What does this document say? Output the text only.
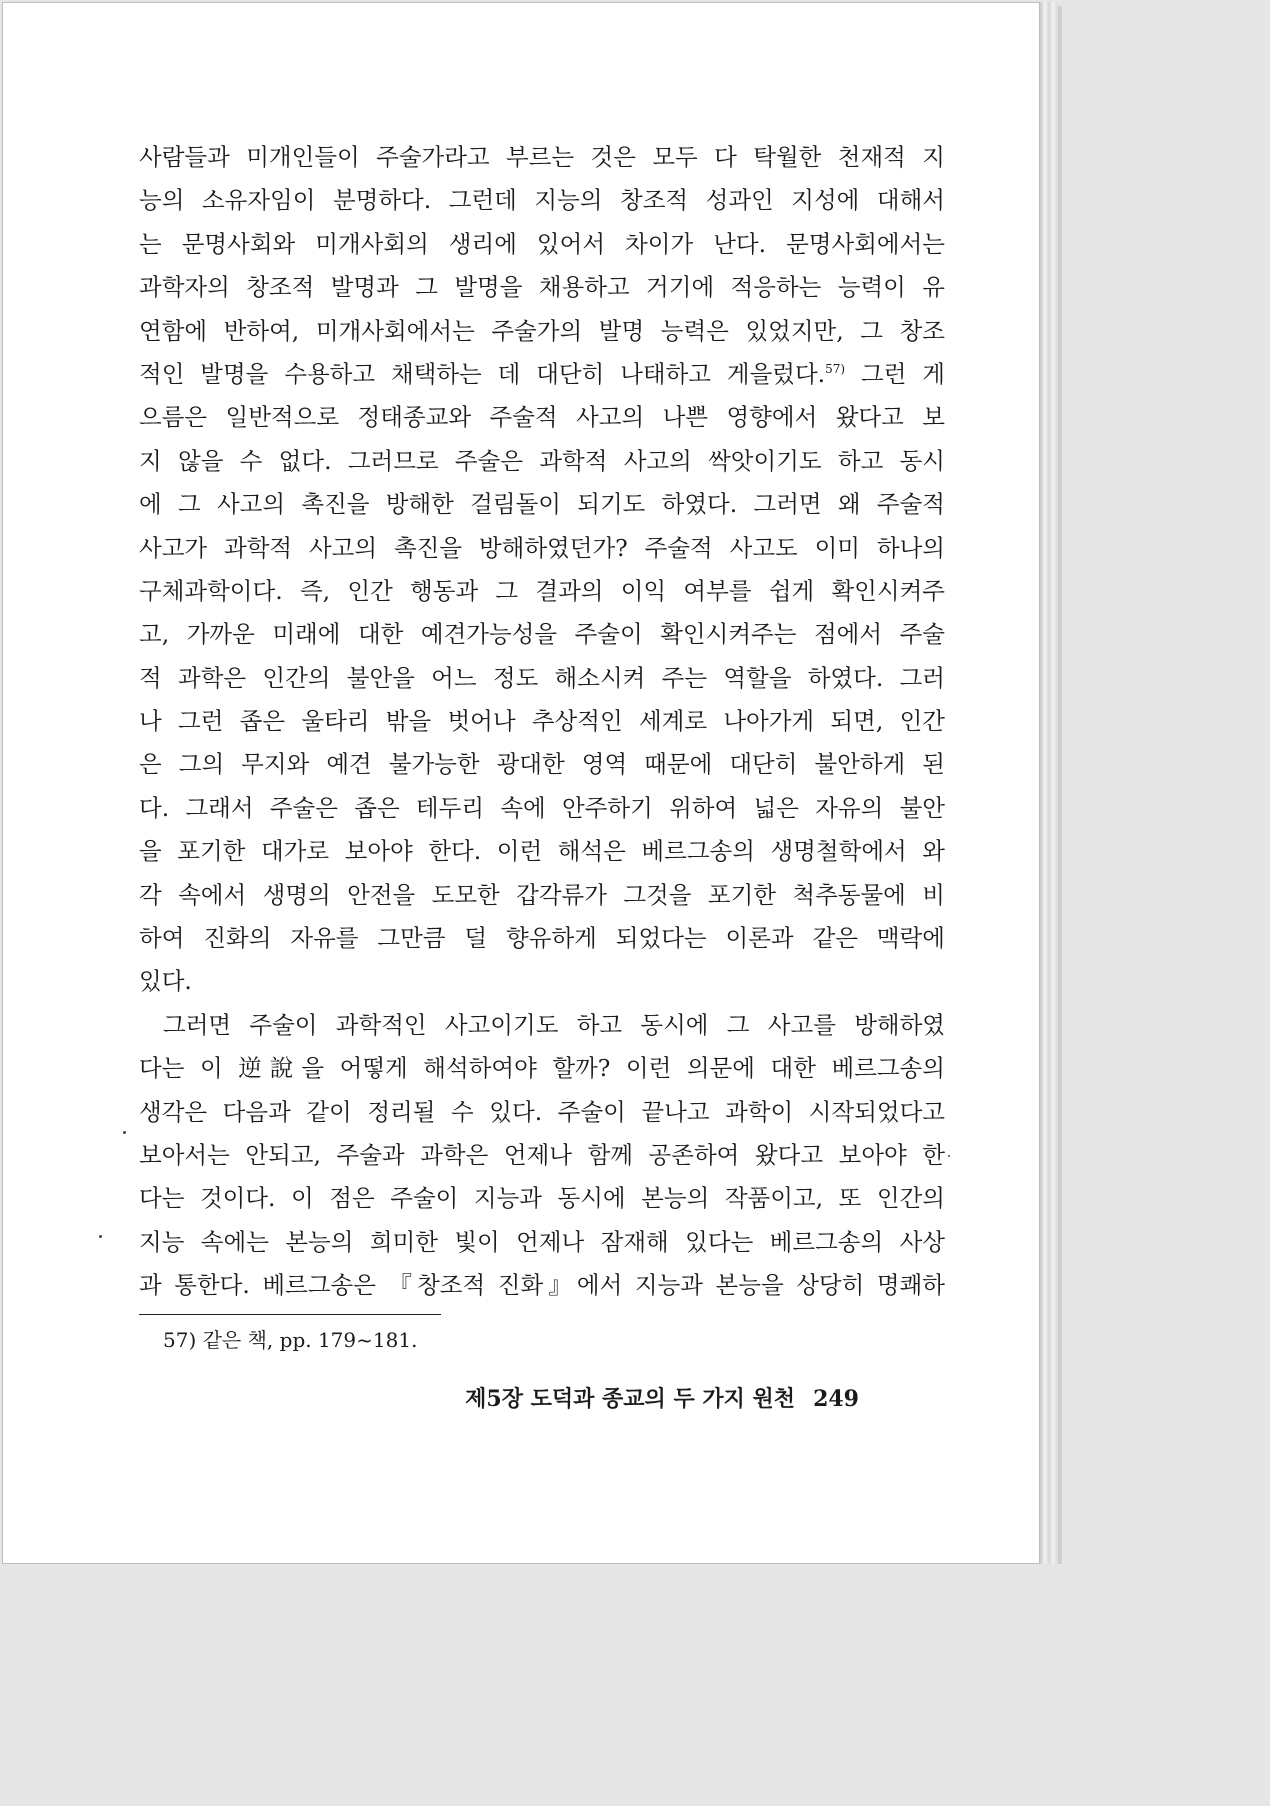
사람들과 미개인들이 주술가라고 부르는 것은 모두 다 탁월한 천재적 지
능의 소유자임이 분명하다. 그런데 지능의 창조적 성과인 지성에 대해서
는 문명사회와 미개사회의 생리에 있어서 차이가 난다. 문명사회에서는
과학자의 창조적 발명과 그 발명을 채용하고 거기에 적응하는 능력이 유
연함에 반하여, 미개사회에서는 주술가의 발명 능력은 있었지만, 그 창조
적인 발명을 수용하고 채택하는 데 대단히 나태하고 게을렀다.$^{57)}$ 그런 게
으름은 일반적으로 정태종교와 주술적 사고의 나쁜 영향에서 왔다고 보
지 않을 수 없다. 그러므로 주술은 과학적 사고의 싹앗이기도 하고 동시
에 그 사고의 촉진을 방해한 걸림돌이 되기도 하였다. 그러면 왜 주술적
사고가 과학적 사고의 촉진을 방해하였던가? 주술적 사고도 이미 하나의
구체과학이다. 즉, 인간 행동과 그 결과의 이익 여부를 쉽게 확인시켜주
고, 가까운 미래에 대한 예견가능성을 주술이 확인시켜주는 점에서 주술
적 과학은 인간의 불안을 어느 정도 해소시켜 주는 역할을 하였다. 그러
나 그런 좁은 울타리 밖을 벗어나 추상적인 세계로 나아가게 되면, 인간
은 그의 무지와 예견 불가능한 광대한 영역 때문에 대단히 불안하게 된
다. 그래서 주술은 좁은 테두리 속에 안주하기 위하여 넓은 자유의 불안
을 포기한 대가로 보아야 한다. 이런 해석은 베르그송의 생명철학에서 와
각 속에서 생명의 안전을 도모한 갑각류가 그것을 포기한 척추동물에 비
하여 진화의 자유를 그만큼 덜 향유하게 되었다는 이론과 같은 맥락에
있다.
그러면 주술이 과학적인 사고이기도 하고 동시에 그 사고를 방해하였
다는 이 逆說을 어떻게 해석하여야 할까? 이런 의문에 대한 베르그송의
생각은 다음과 같이 정리될 수 있다. 주술이 끝나고 과학이 시작되었다고
보아서는 안되고, 주술과 과학은 언제나 함께 공존하여 왔다고 보아야 한
다는 것이다. 이 점은 주술이 지능과 동시에 본능의 작품이고, 또 인간의
지능 속에는 본능의 희미한 빛이 언제나 잠재해 있다는 베르그송의 사상
과 통한다. 베르그송은 『창조적 진화』에서 지능과 본능을 상당히 명쾌하
57) 같은 책, pp. 179~181.
제5장 도덕과 종교의 두 가지 원천 249
